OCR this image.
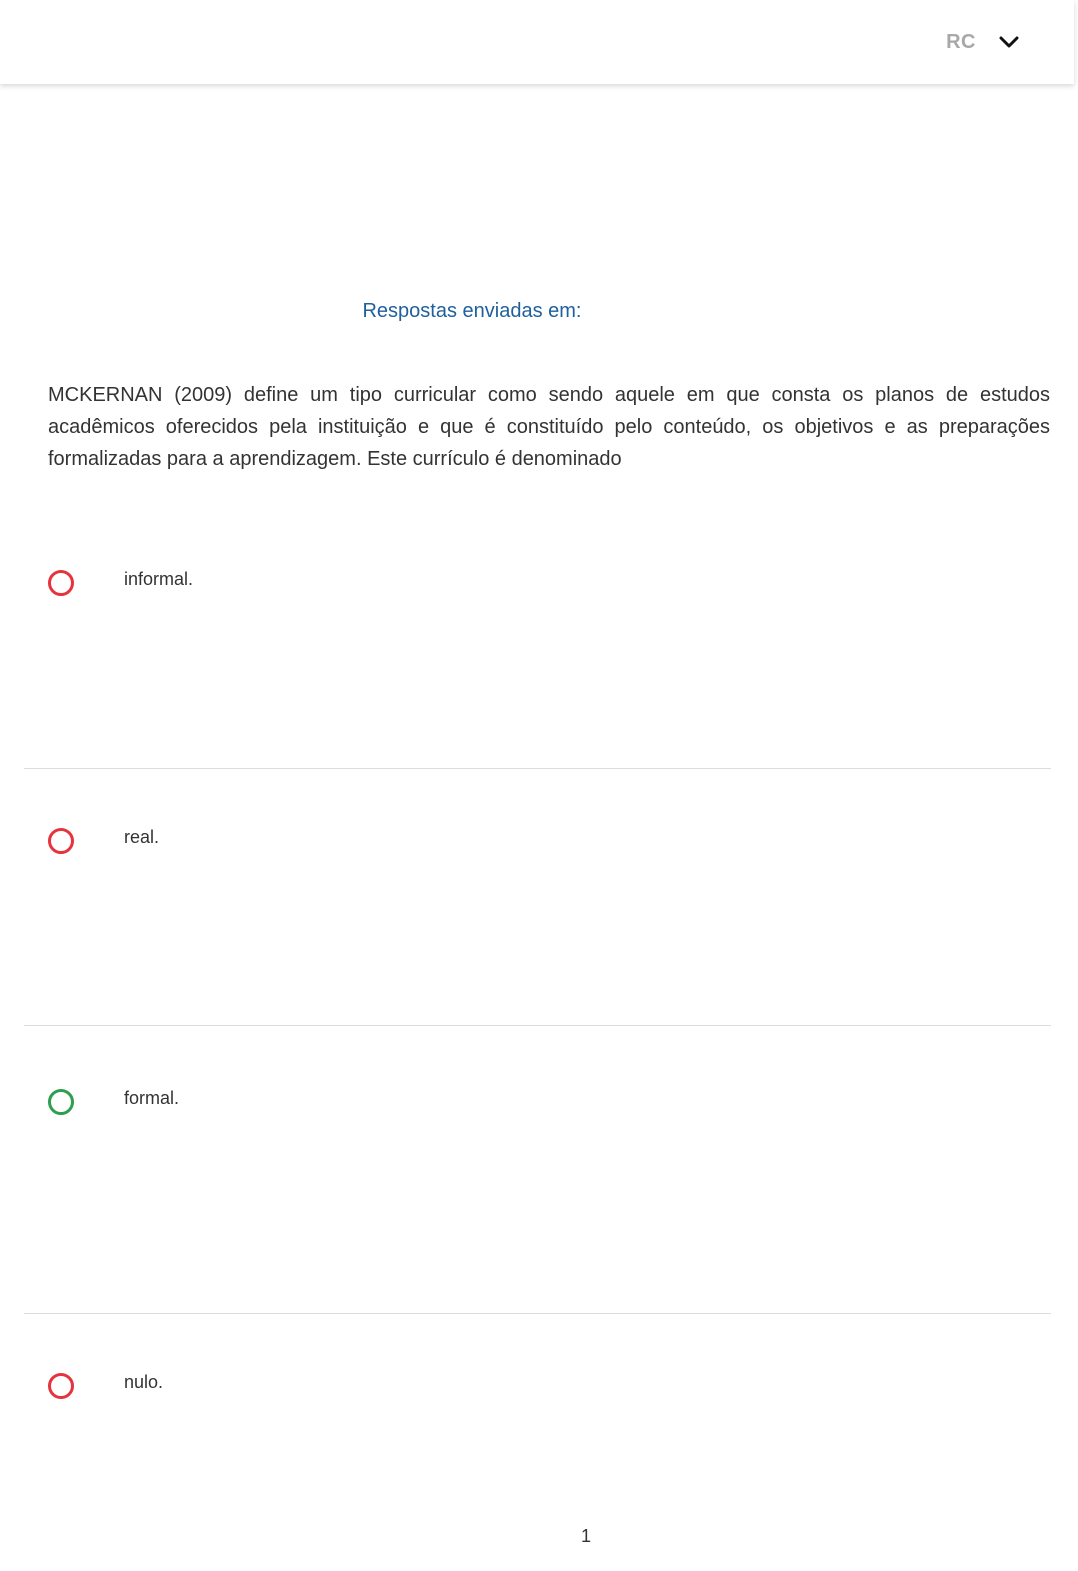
RC
Respostas enviadas em:
MCKERNAN (2009) define um tipo curricular como sendo aquele em que consta os planos de estudos acadêmicos oferecidos pela instituição e que é constituído pelo conteúdo, os objetivos e as preparações formalizadas para a aprendizagem. Este currículo é denominado
informal.
real.
formal.
nulo.
1
